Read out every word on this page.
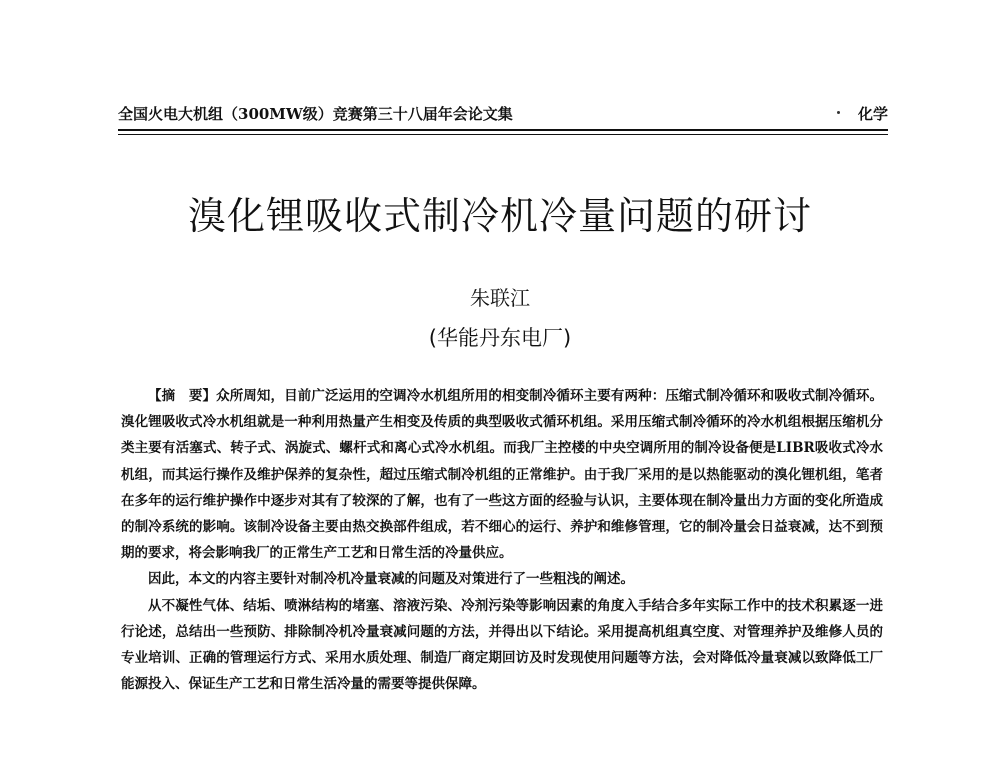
全国火电大机组（300MW级）竞赛第三十八届年会论文集	化学
溴化锂吸收式制冷机冷量问题的研讨
朱联江
(华能丹东电厂)

【摘　要】众所周知，目前广泛运用的空调冷水机组所用的相变制冷循环主要有两种：压缩式制冷循环和吸收式制冷循环。溴化锂吸收式冷水机组就是一种利用热量产生相变及传质的典型吸收式循环机组。采用压缩式制冷循环的冷水机组根据压缩机分类主要有活塞式、转子式、涡旋式、螺杆式和离心式冷水机组。而我厂主控楼的中央空调所用的制冷设备便是LIBR吸收式冷水机组，而其运行操作及维护保养的复杂性，超过压缩式制冷机组的正常维护。由于我厂采用的是以热能驱动的溴化锂机组，笔者在多年的运行维护操作中逐步对其有了较深的了解，也有了一些这方面的经验与认识，主要体现在制冷量出力方面的变化所造成的制冷系统的影响。该制冷设备主要由热交换部件组成，若不细心的运行、养护和维修管理，它的制冷量会日益衰减，达不到预期的要求，将会影响我厂的正常生产工艺和日常生活的冷量供应。

因此，本文的内容主要针对制冷机冷量衰减的问题及对策进行了一些粗浅的阐述。

从不凝性气体、结垢、喷淋结构的堵塞、溶液污染、冷剂污染等影响因素的角度入手结合多年实际工作中的技术积累逐一进行论述，总结出一些预防、排除制冷机冷量衰减问题的方法，并得出以下结论。采用提高机组真空度、对管理养护及维修人员的专业培训、正确的管理运行方式、采用水质处理、制造厂商定期回访及时发现使用问题等方法，会对降低冷量衰减以致降低工厂能源投入、保证生产工艺和日常生活冷量的需要等提供保障。
